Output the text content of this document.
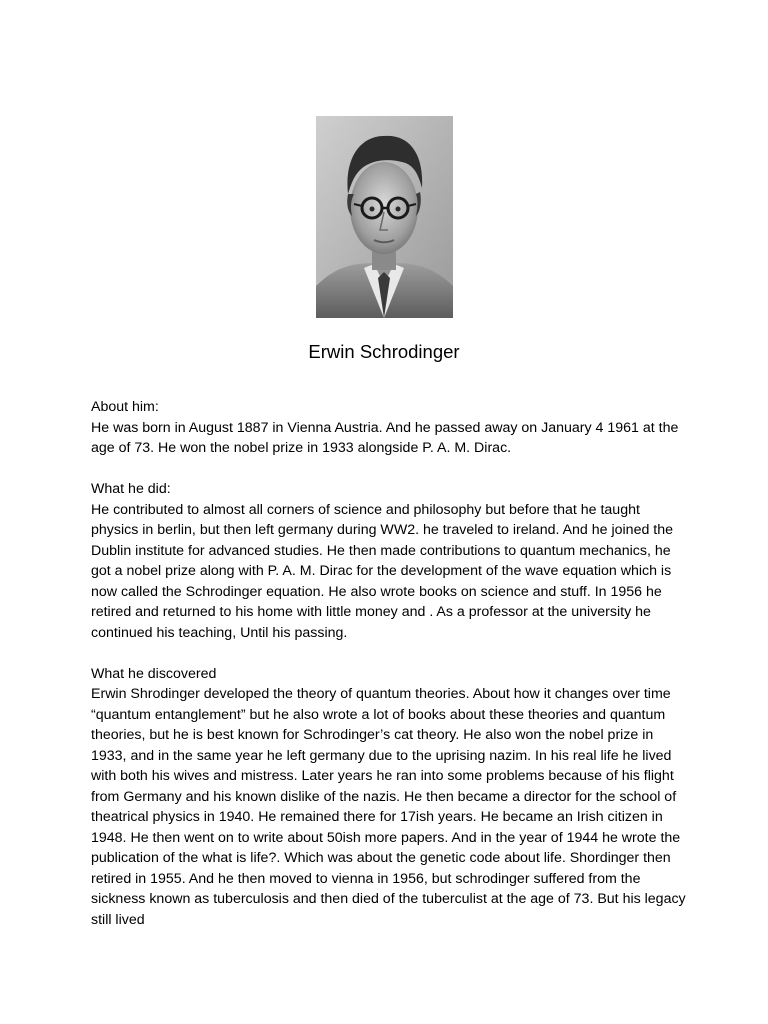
Erwin Schrodinger

About him:
He was born in August 1887 in Vienna Austria. And he passed away on January 4 1961 at the age of 73. He won the nobel prize in 1933 alongside P. A. M. Dirac.

What he did:
He contributed to almost all corners of science and philosophy but before that he taught physics in berlin, but then left germany during WW2. he traveled to ireland. And he joined the Dublin institute for advanced studies. He then made contributions to quantum mechanics, he got a nobel prize along with P. A. M. Dirac for the development of the wave equation which is now called the Schrodinger equation. He also wrote books on science and stuff. In 1956 he retired and returned to his home with little money and . As a professor at the university he continued his teaching, Until his passing.

What he discovered
Erwin Shrodinger developed the theory of quantum theories. About how it changes over time “quantum entanglement” but he also wrote a lot of books about these theories and quantum theories, but he is best known for Schrodinger’s cat theory. He also won the nobel prize in 1933, and in the same year he left germany due to the uprising nazim. In his real life he lived with both his wives and mistress. Later years he ran into some problems because of his flight from Germany and his known dislike of the nazis. He then became a director for the school of theatrical physics in 1940. He remained there for 17ish years. He became an Irish citizen in 1948. He then went on to write about 50ish more papers. And in the year of 1944 he wrote the publication of the what is life?. Which was about the genetic code about life. Shordinger then retired in 1955. And he then moved to vienna in 1956, but schrodinger suffered from the sickness known as tuberculosis and then died of the tuberculist at the age of 73. But his legacy still lived
